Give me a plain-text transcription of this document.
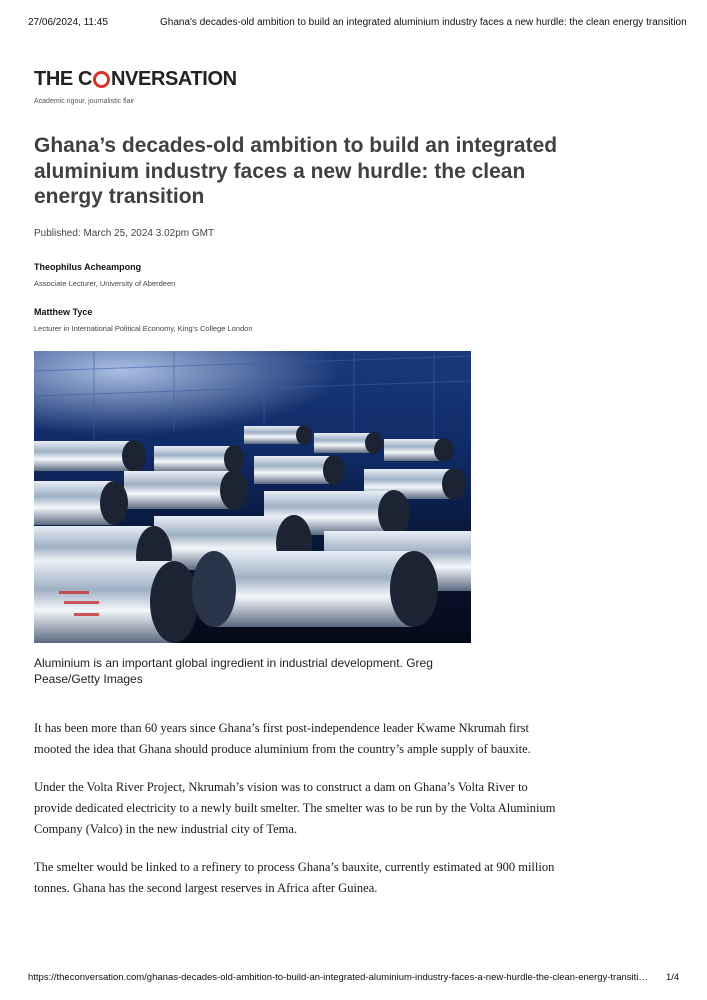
27/06/2024, 11:45	Ghana's decades-old ambition to build an integrated aluminium industry faces a new hurdle: the clean energy transition
THE C NVERSATION
Academic rigour, journalistic flair
Ghana’s decades-old ambition to build an integrated aluminium industry faces a new hurdle: the clean energy transition
Published: March 25, 2024 3.02pm GMT
Theophilus Acheampong
Associate Lecturer, University of Aberdeen
Matthew Tyce
Lecturer in International Political Economy, King's College London
Aluminium is an important global ingredient in industrial development. Greg Pease/Getty Images

It has been more than 60 years since Ghana’s first post-independence leader Kwame Nkrumah first mooted the idea that Ghana should produce aluminium from the country’s ample supply of bauxite.

Under the Volta River Project, Nkrumah’s vision was to construct a dam on Ghana’s Volta River to provide dedicated electricity to a newly built smelter. The smelter was to be run by the Volta Aluminium Company (Valco) in the new industrial city of Tema.

The smelter would be linked to a refinery to process Ghana’s bauxite, currently estimated at 900 million tonnes. Ghana has the second largest reserves in Africa after Guinea.

https://theconversation.com/ghanas-decades-old-ambition-to-build-an-integrated-aluminium-industry-faces-a-new-hurdle-the-clean-energy-transiti…	1/4
